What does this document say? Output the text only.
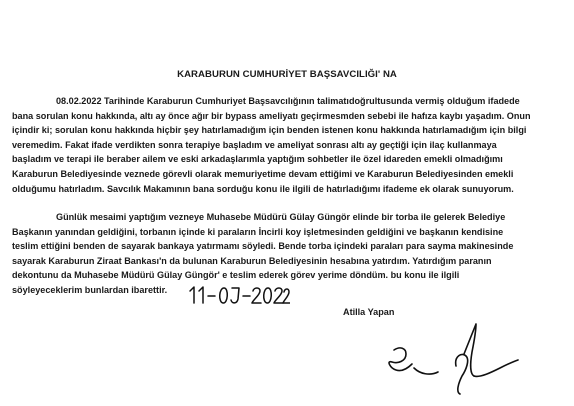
KARABURUN CUMHURİYET BAŞSAVCILIĞI' NA
08.02.2022 Tarihinde Karaburun Cumhuriyet Başsavcılığının talimatıdoğrultusunda vermiş olduğum ifadede
bana sorulan konu hakkında, altı ay önce ağır bir bypass ameliyatı geçirmesmden sebebi ile hafıza kaybı yaşadım. Onun
içindir ki; sorulan konu hakkında hiçbir şey hatırlamadığım için benden istenen konu hakkında hatırlamadığım için bilgi
veremedim. Fakat ifade verdikten sonra terapiye başladım ve ameliyat sonrası altı ay geçtiği için ilaç kullanmaya
başladım ve terapi ile beraber ailem ve eski arkadaşlarımla yaptığım sohbetler ile özel idareden emekli olmadığımı
Karaburun Belediyesinde veznede görevli olarak memuriyetime devam ettiğimi ve Karaburun Belediyesinden emekli
olduğumu hatırladım. Savcılık Makamının bana sorduğu konu ile ilgili de hatırladığımı ifademe ek olarak sunuyorum.
Günlük mesaimi yaptığım vezneye Muhasebe Müdürü Gülay Güngör elinde bir torba ile gelerek Belediye
Başkanın yanından geldiğini, torbanın içinde ki paraların İncirli koy işletmesinden geldiğini ve başkanın kendisine
teslim ettiğini benden de sayarak bankaya yatırmamı söyledi. Bende torba içindeki paraları para sayma makinesinde
sayarak Karaburun Ziraat Bankası'n da bulunan Karaburun Belediyesinin hesabına yatırdım. Yatırdığım paranın
dekontunu da Muhasebe Müdürü Gülay Güngör' e teslim ederek görev yerime döndüm. bu konu ile ilgili
söyleyeceklerim bunlardan ibarettir.
Atilla Yapan
